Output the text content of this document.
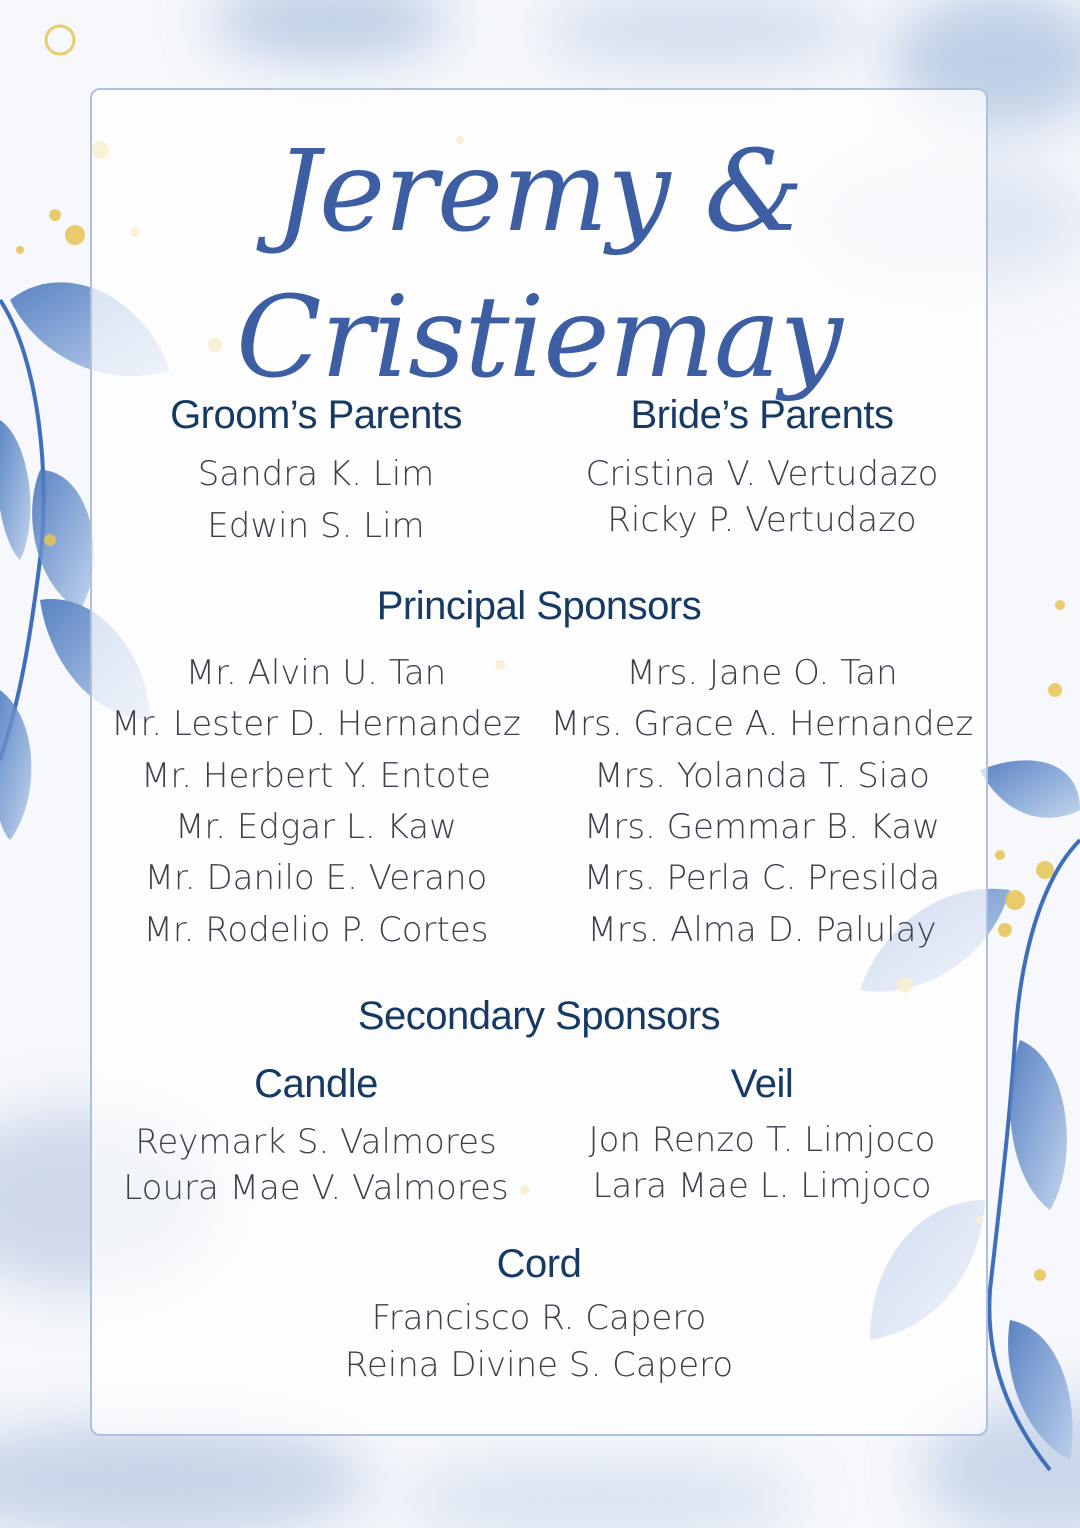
Jeremy & Cristiemay
Groom’s Parents
Sandra K. Lim
Edwin S. Lim
Bride’s Parents
Cristina V. Vertudazo
Ricky P. Vertudazo
Principal Sponsors
Mr. Alvin U. Tan
Mr. Lester D. Hernandez
Mr. Herbert Y. Entote
Mr. Edgar L. Kaw
Mr. Danilo E. Verano
Mr. Rodelio P. Cortes
Mrs. Jane O. Tan
Mrs. Grace A. Hernandez
Mrs. Yolanda T. Siao
Mrs. Gemmar B. Kaw
Mrs. Perla C. Presilda
Mrs. Alma D. Palulay
Secondary Sponsors
Candle
Reymark S. Valmores
Loura Mae V. Valmores
Veil
Jon Renzo T. Limjoco
Lara Mae L. Limjoco
Cord
Francisco R. Capero
Reina Divine S. Capero
